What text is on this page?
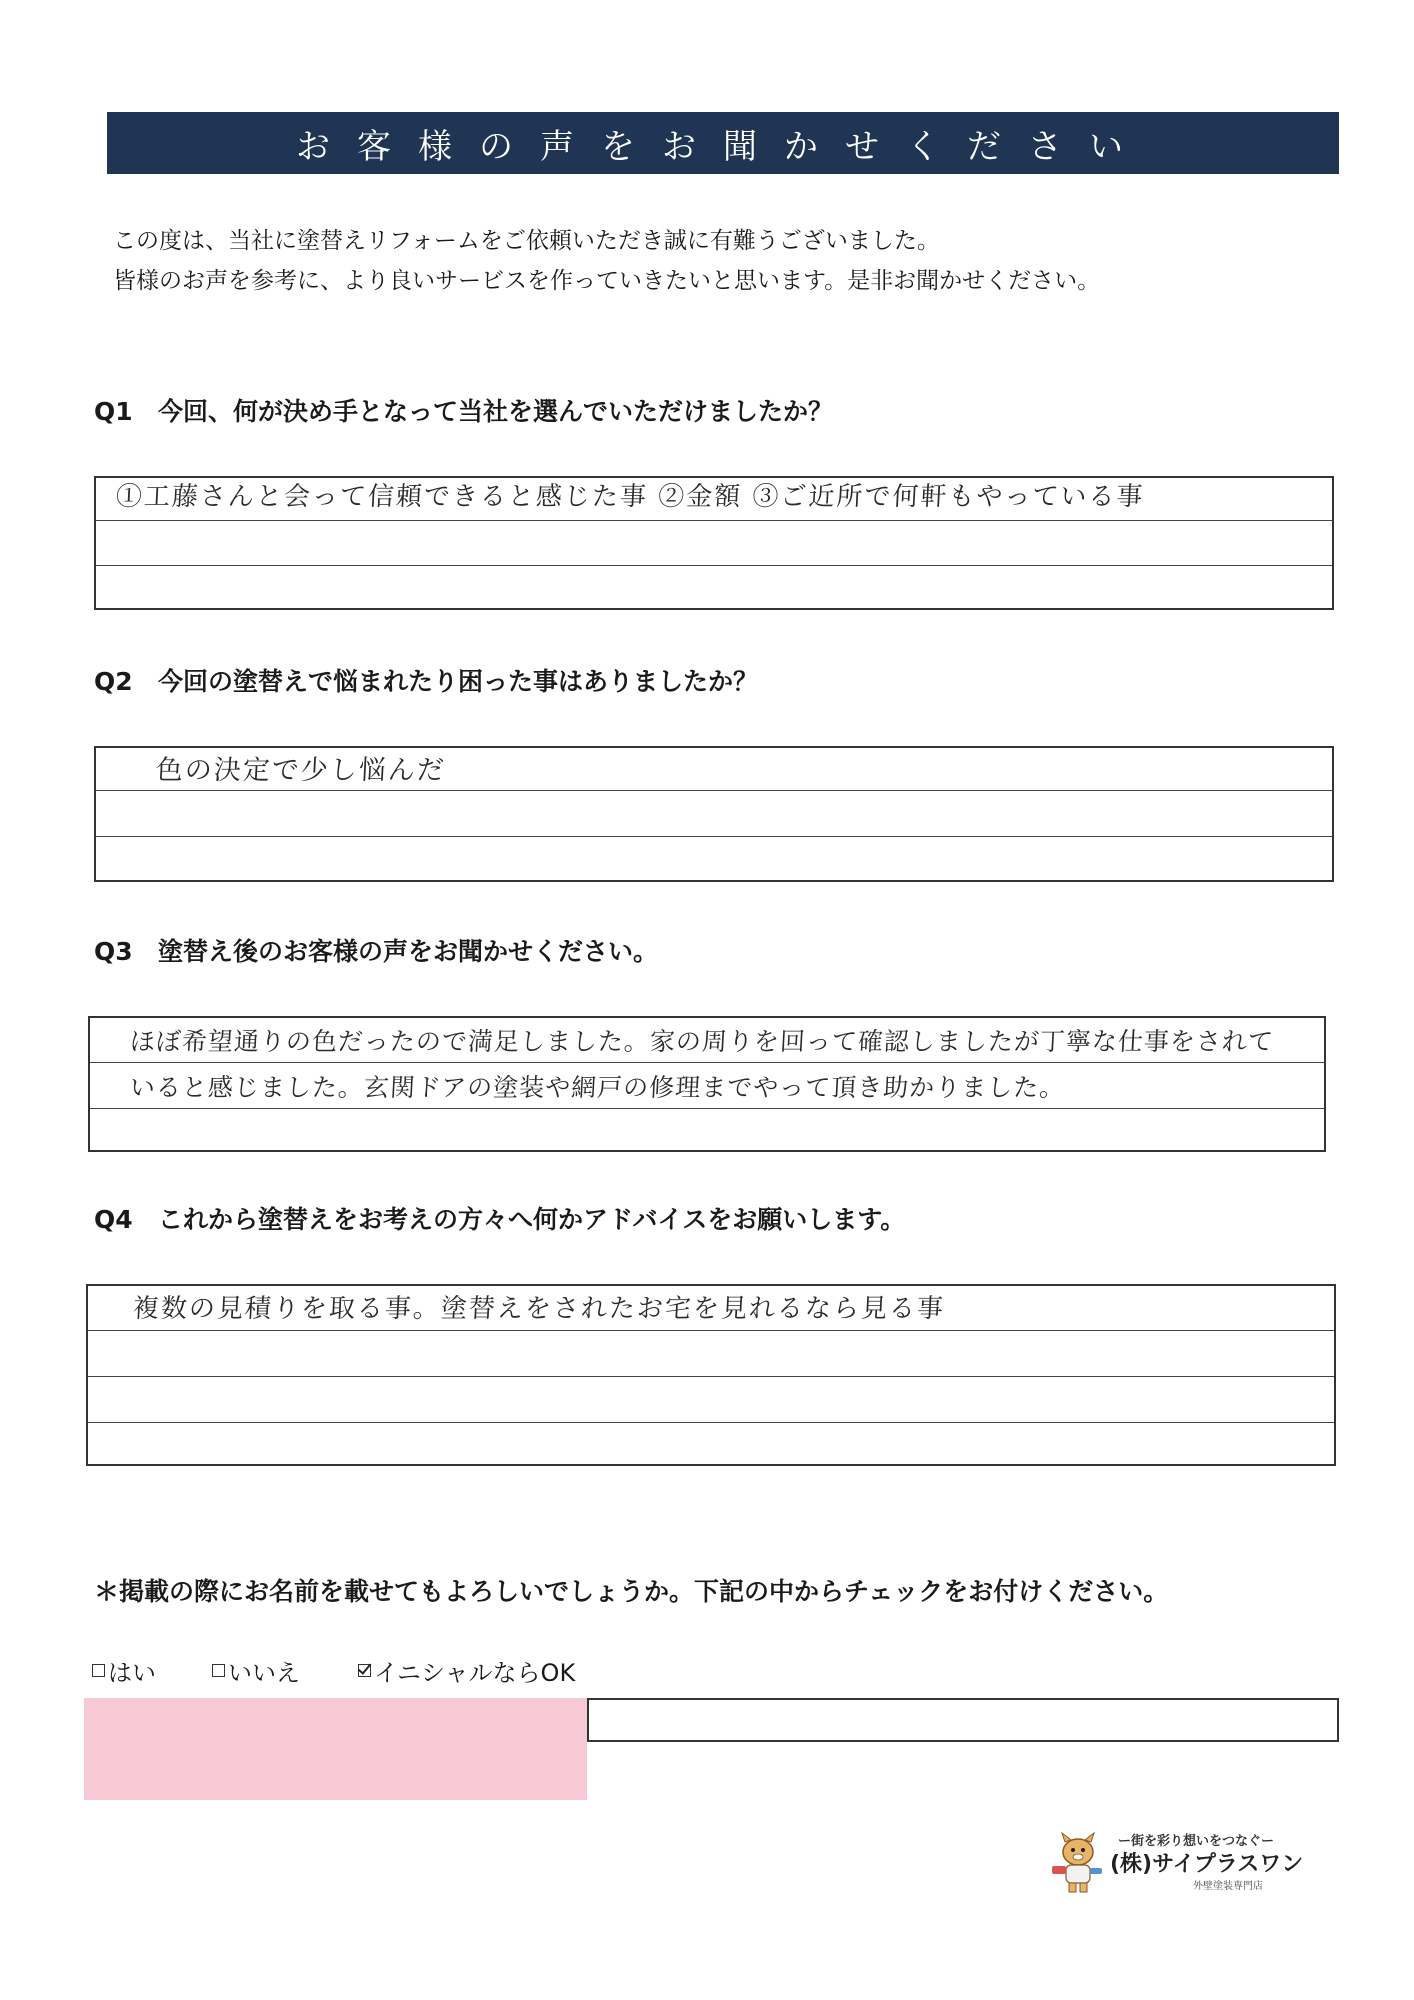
お客様の声をお聞かせください
この度は、当社に塗替えリフォームをご依頼いただき誠に有難うございました。
皆様のお声を参考に、より良いサービスを作っていきたいと思います。是非お聞かせください。
Q1 今回、何が決め手となって当社を選んでいただけましたか？
①工藤さんと会って信頼できると感じた事 ②金額 ③ご近所で何軒もやっている事
Q2 今回の塗替えで悩まれたり困った事はありましたか？
色の決定で少し悩んだ
Q3 塗替え後のお客様の声をお聞かせください。
ほぼ希望通りの色だったので満足しました。家の周りを回って確認しましたが丁寧な仕事をされて
いると感じました。玄関ドアの塗装や網戸の修理までやって頂き助かりました。
Q4 これから塗替えをお考えの方々へ何かアドバイスをお願いします。
複数の見積りを取る事。塗替えをされたお宅を見れるなら見る事
＊掲載の際にお名前を載せてもよろしいでしょうか。下記の中からチェックをお付けください。
はい	いいえ	イニシャルならOK
ー街を彩り想いをつなぐー
(株)サイプラスワン
外壁塗装専門店
